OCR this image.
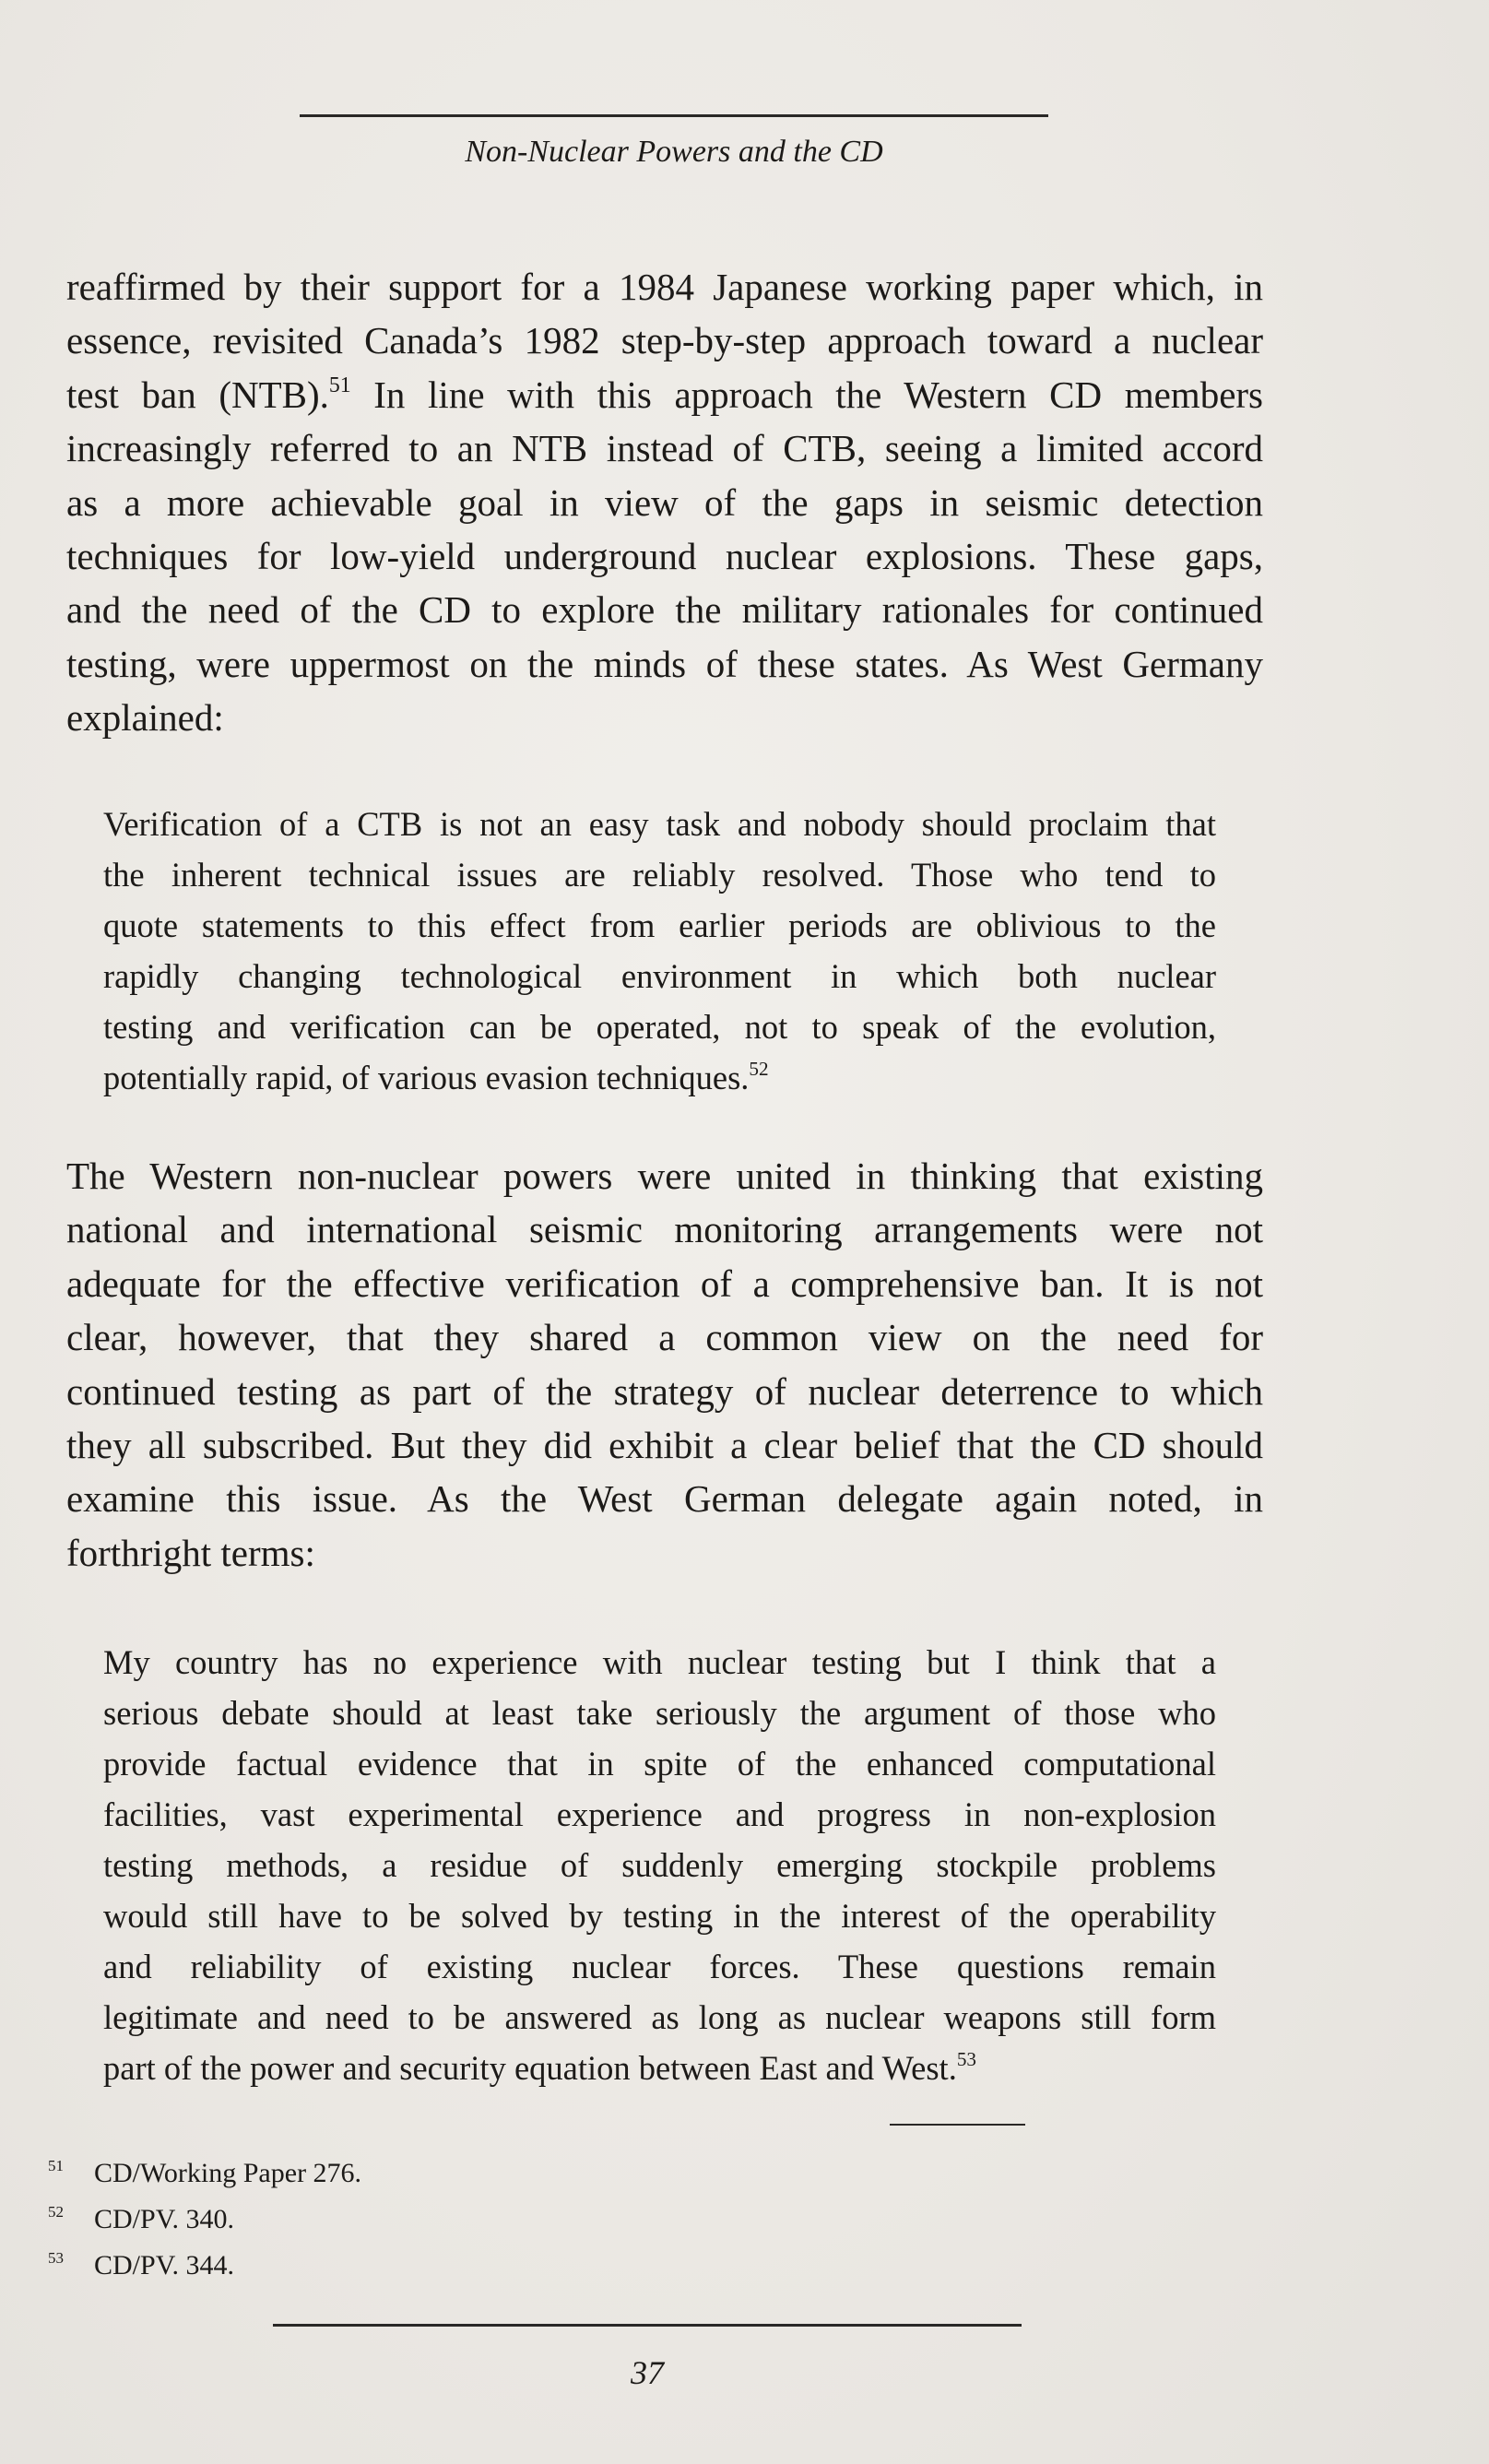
Non-Nuclear Powers and the CD

reaffirmed by their support for a 1984 Japanese working paper which, in
essence, revisited Canada’s 1982 step-by-step approach toward a nuclear
test ban (NTB).$^{51}$ In line with this approach the Western CD members
increasingly referred to an NTB instead of CTB, seeing a limited accord
as a more achievable goal in view of the gaps in seismic detection
techniques for low-yield underground nuclear explosions. These gaps,
and the need of the CD to explore the military rationales for continued
testing, were uppermost on the minds of these states. As West Germany
explained:

Verification of a CTB is not an easy task and nobody should proclaim that
the inherent technical issues are reliably resolved. Those who tend to
quote statements to this effect from earlier periods are oblivious to the
rapidly changing technological environment in which both nuclear
testing and verification can be operated, not to speak of the evolution,
potentially rapid, of various evasion techniques.$^{52}$

The Western non-nuclear powers were united in thinking that existing
national and international seismic monitoring arrangements were not
adequate for the effective verification of a comprehensive ban. It is not
clear, however, that they shared a common view on the need for
continued testing as part of the strategy of nuclear deterrence to which
they all subscribed. But they did exhibit a clear belief that the CD should
examine this issue. As the West German delegate again noted, in
forthright terms:

My country has no experience with nuclear testing but I think that a
serious debate should at least take seriously the argument of those who
provide factual evidence that in spite of the enhanced computational
facilities, vast experimental experience and progress in non-explosion
testing methods, a residue of suddenly emerging stockpile problems
would still have to be solved by testing in the interest of the operability
and reliability of existing nuclear forces. These questions remain
legitimate and need to be answered as long as nuclear weapons still form
part of the power and security equation between East and West.$^{53}$

51 CD/Working Paper 276.
52 CD/PV. 340.
53 CD/PV. 344.
37
